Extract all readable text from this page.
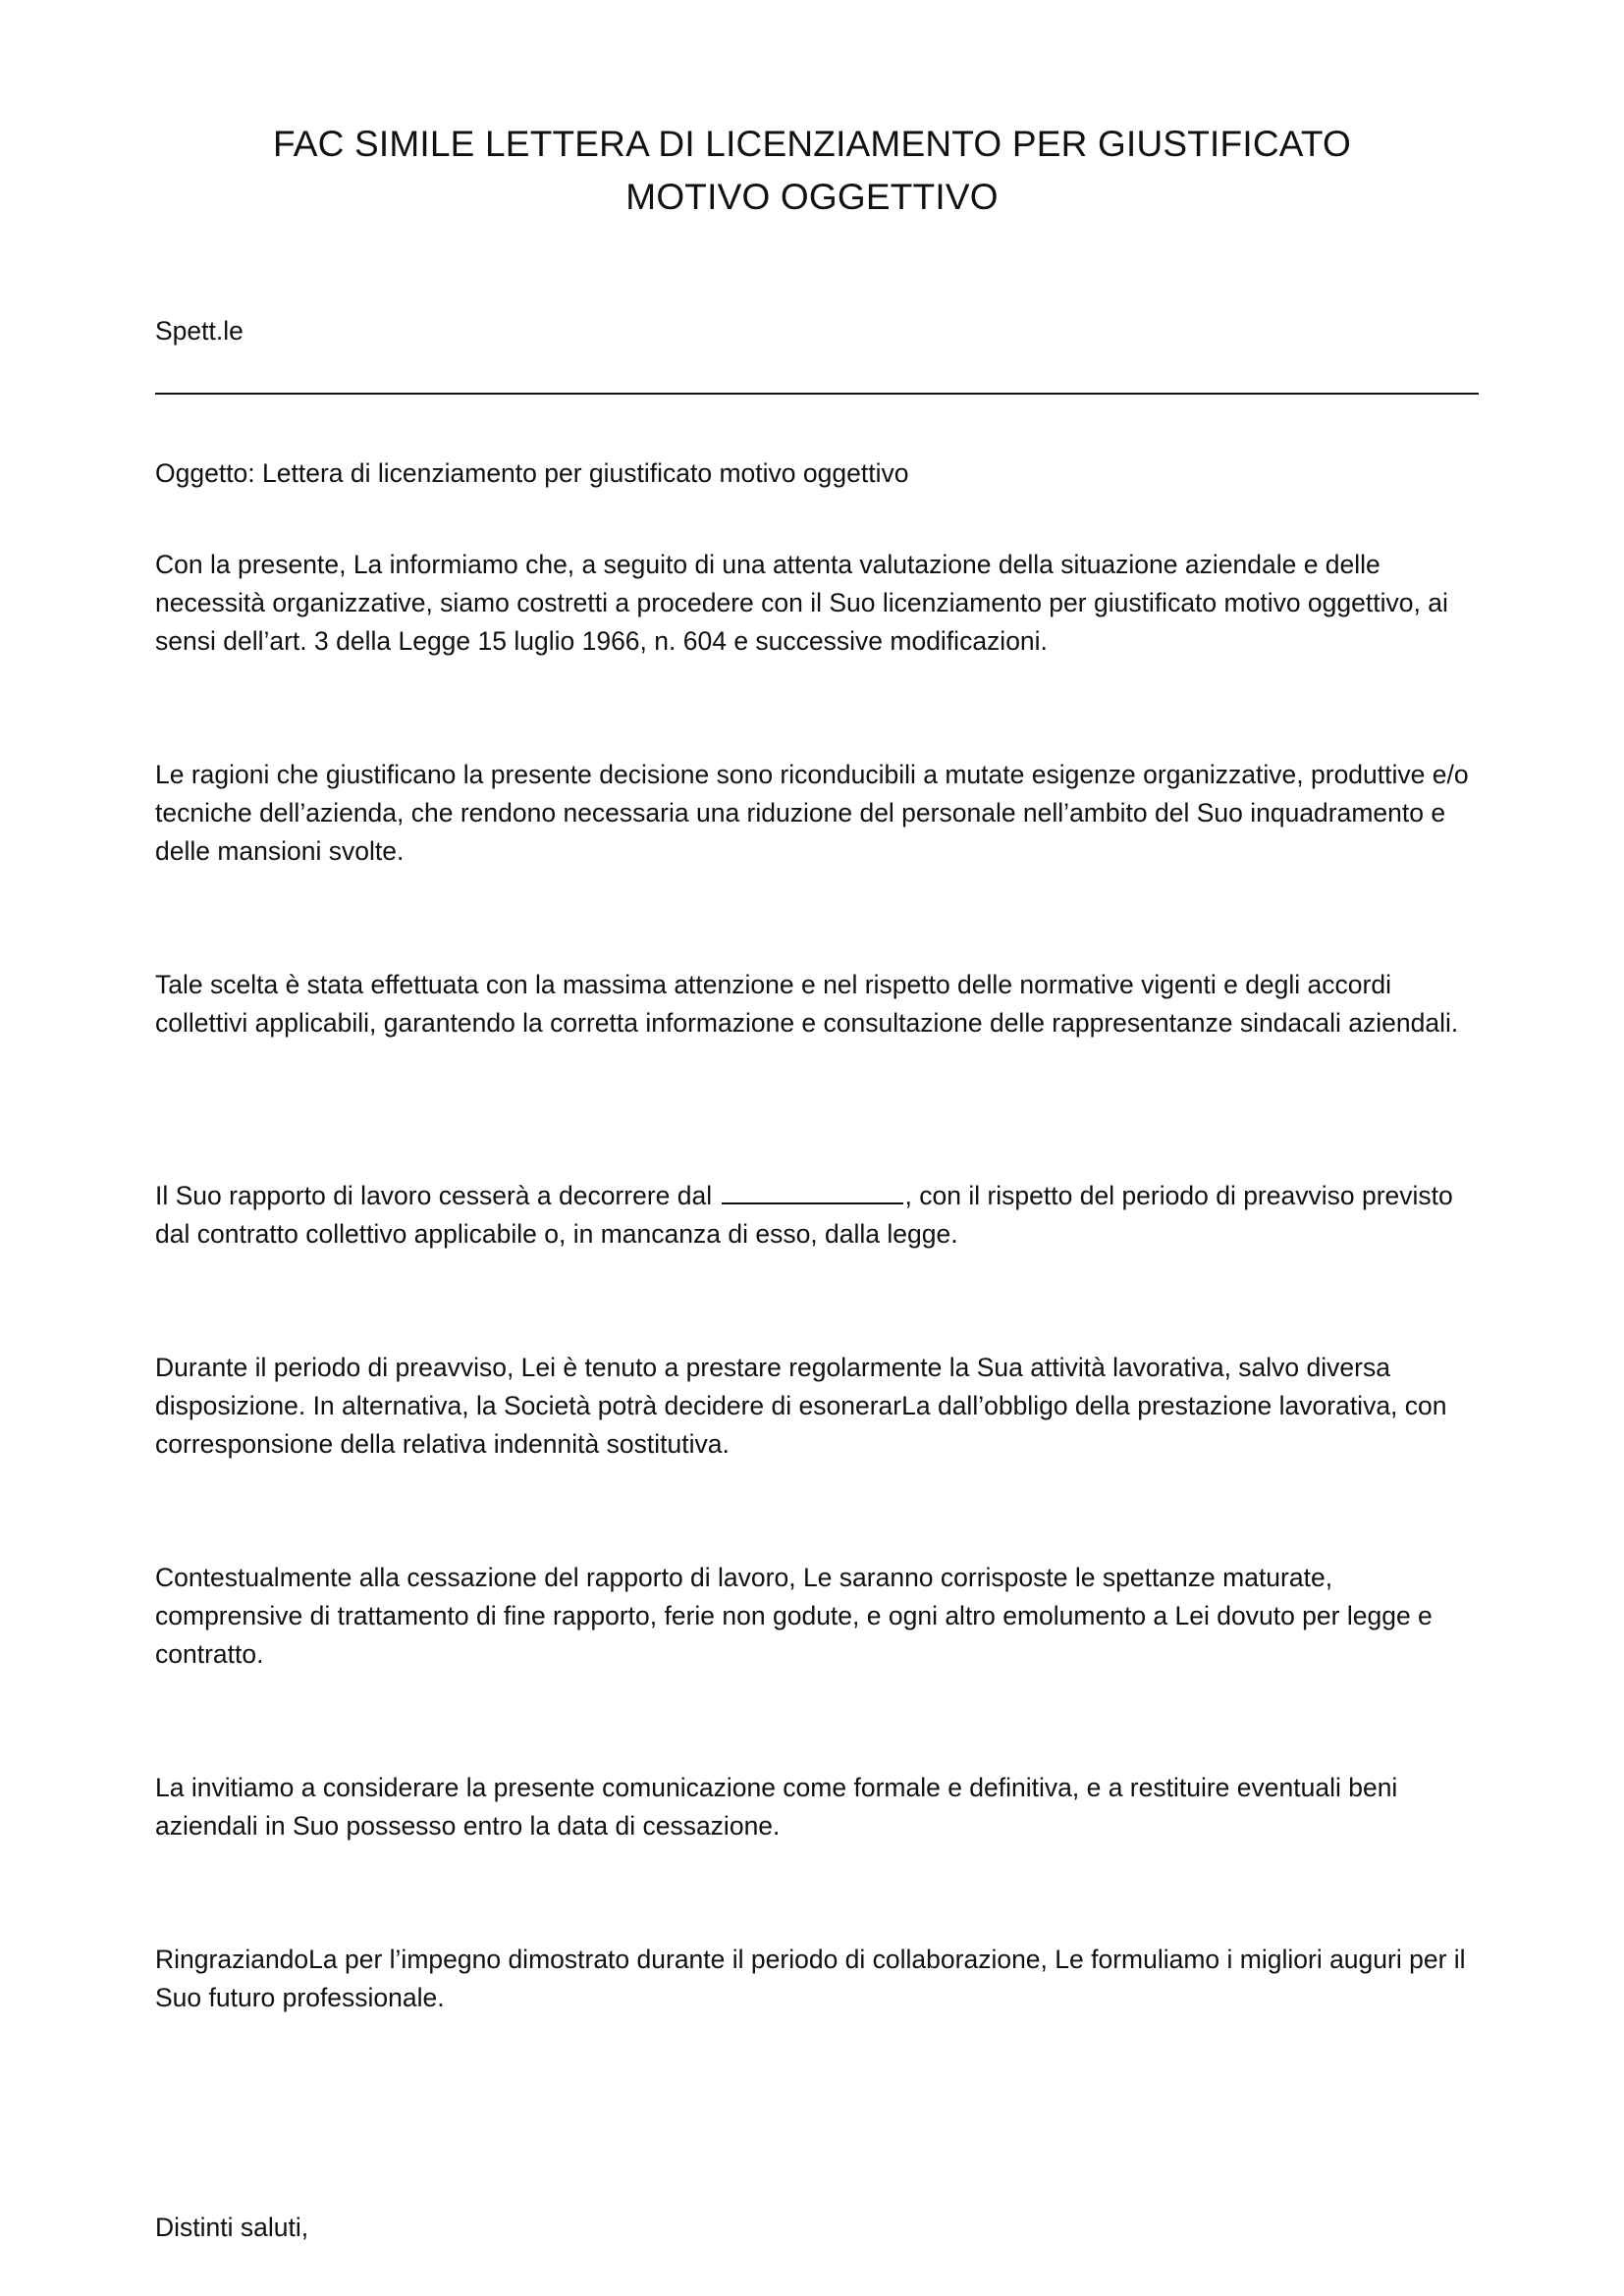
FAC SIMILE LETTERA DI LICENZIAMENTO PER GIUSTIFICATO
MOTIVO OGGETTIVO

Spett.le

Oggetto: Lettera di licenziamento per giustificato motivo oggettivo

Con la presente, La informiamo che, a seguito di una attenta valutazione della situazione aziendale e delle necessità organizzative, siamo costretti a procedere con il Suo licenziamento per giustificato motivo oggettivo, ai sensi dell’art. 3 della Legge 15 luglio 1966, n. 604 e successive modificazioni.

Le ragioni che giustificano la presente decisione sono riconducibili a mutate esigenze organizzative, produttive e/o tecniche dell’azienda, che rendono necessaria una riduzione del personale nell’ambito del Suo inquadramento e delle mansioni svolte.

Tale scelta è stata effettuata con la massima attenzione e nel rispetto delle normative vigenti e degli accordi collettivi applicabili, garantendo la corretta informazione e consultazione delle rappresentanze sindacali aziendali.

Il Suo rapporto di lavoro cesserà a decorrere dal	, con il rispetto del periodo di preavviso previsto dal contratto collettivo applicabile o, in mancanza di esso, dalla legge.

Durante il periodo di preavviso, Lei è tenuto a prestare regolarmente la Sua attività lavorativa, salvo diversa disposizione. In alternativa, la Società potrà decidere di esonerarLa dall’obbligo della prestazione lavorativa, con corresponsione della relativa indennità sostitutiva.

Contestualmente alla cessazione del rapporto di lavoro, Le saranno corrisposte le spettanze maturate, comprensive di trattamento di fine rapporto, ferie non godute, e ogni altro emolumento a Lei dovuto per legge e contratto.

La invitiamo a considerare la presente comunicazione come formale e definitiva, e a restituire eventuali beni aziendali in Suo possesso entro la data di cessazione.

RingraziandoLa per l’impegno dimostrato durante il periodo di collaborazione, Le formuliamo i migliori auguri per il Suo futuro professionale.

Distinti saluti,
